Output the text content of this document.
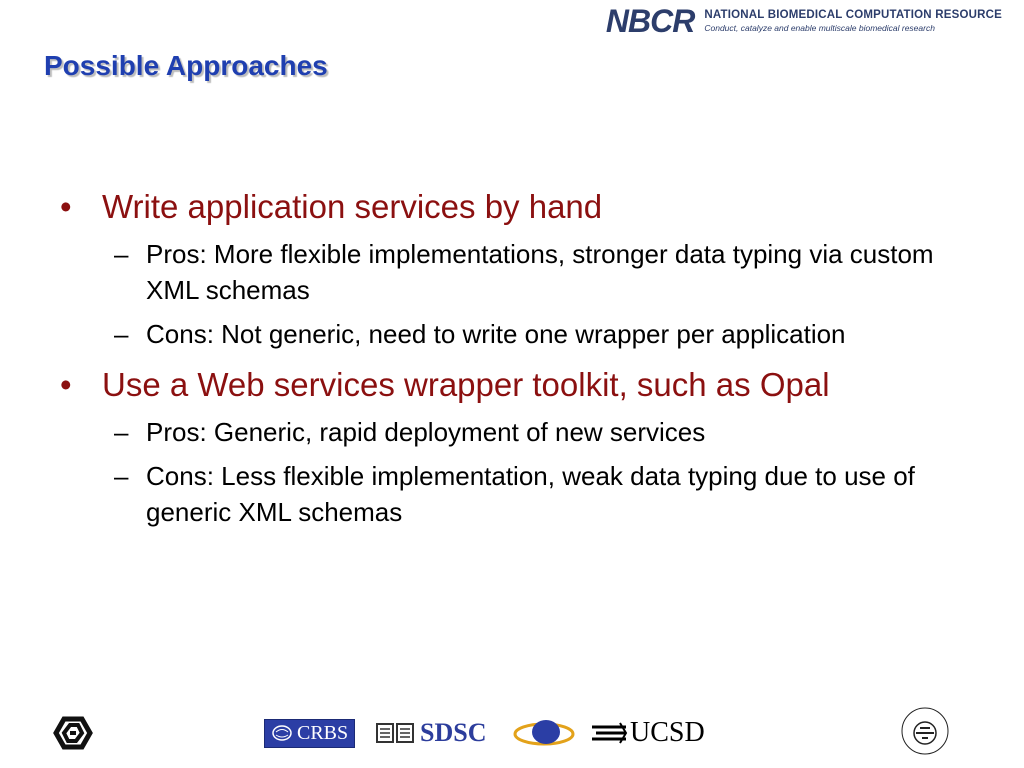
NBCR NATIONAL BIOMEDICAL COMPUTATION RESOURCE
Conduct, catalyze and enable multiscale biomedical research
Possible Approaches
• Write application services by hand
– Pros: More flexible implementations, stronger data typing via custom XML schemas
– Cons: Not generic, need to write one wrapper per application
• Use a Web services wrapper toolkit, such as Opal
– Pros: Generic, rapid deployment of new services
– Cons: Less flexible implementation, weak data typing due to use of generic XML schemas
CRBS	SDSC	UCSD
